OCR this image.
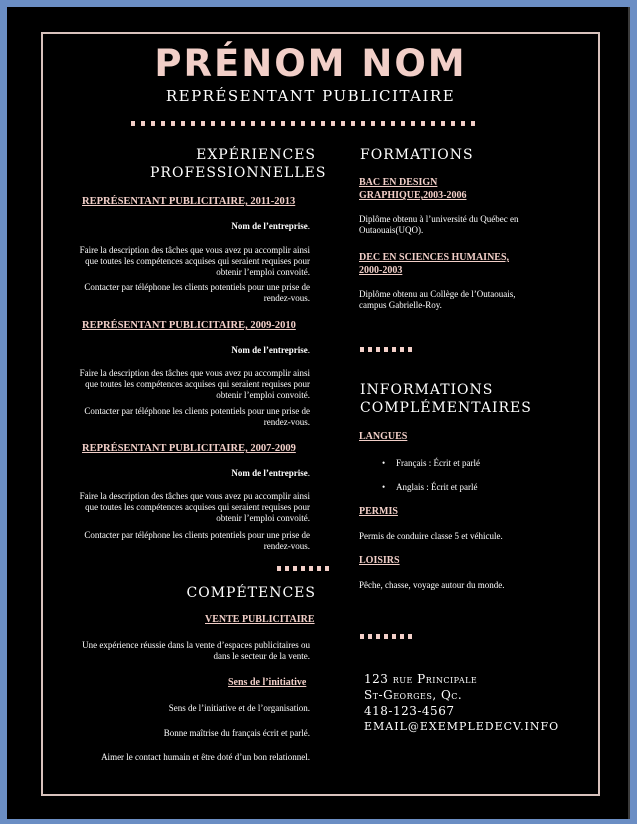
PRÉNOM NOM
REPRÉSENTANT PUBLICITAIRE
EXPÉRIENCES
PROFESSIONNELLES
REPRÉSENTANT PUBLICITAIRE, 2011-2013
Nom de l’entreprise.
Faire la description des tâches que vous avez pu accomplir ainsi que toutes les compétences acquises qui seraient requises pour obtenir l’emploi convoité.
Contacter par téléphone les clients potentiels pour une prise de rendez-vous.
REPRÉSENTANT PUBLICITAIRE, 2009-2010
Nom de l’entreprise.
Faire la description des tâches que vous avez pu accomplir ainsi que toutes les compétences acquises qui seraient requises pour obtenir l’emploi convoité.
Contacter par téléphone les clients potentiels pour une prise de rendez-vous.
REPRÉSENTANT PUBLICITAIRE, 2007-2009
Nom de l’entreprise.
Faire la description des tâches que vous avez pu accomplir ainsi que toutes les compétences acquises qui seraient requises pour obtenir l’emploi convoité.
Contacter par téléphone les clients potentiels pour une prise de rendez-vous.
COMPÉTENCES
VENTE PUBLICITAIRE
Une expérience réussie dans la vente d’espaces publicitaires ou dans le secteur de la vente.
Sens de l’initiative
Sens de l’initiative et de l’organisation.
Bonne maîtrise du français écrit et parlé.
Aimer le contact humain et être doté d’un bon relationnel.
FORMATIONS
BAC EN DESIGN
GRAPHIQUE,2003-2006
Diplôme obtenu à l’université du Québec en Outaouais(UQO).
DEC EN SCIENCES HUMAINES,
2000-2003
Diplôme obtenu au Collège de l’Outaouais, campus Gabrielle-Roy.
INFORMATIONS
COMPLÉMENTAIRES
LANGUES
• Français : Écrit et parlé
• Anglais : Écrit et parlé
PERMIS
Permis de conduire classe 5 et véhicule.
LOISIRS
Pêche, chasse, voyage autour du monde.
123 rue Principale
St-Georges, Qc.
418-123-4567
EMAIL@EXEMPLEDECV.INFO
